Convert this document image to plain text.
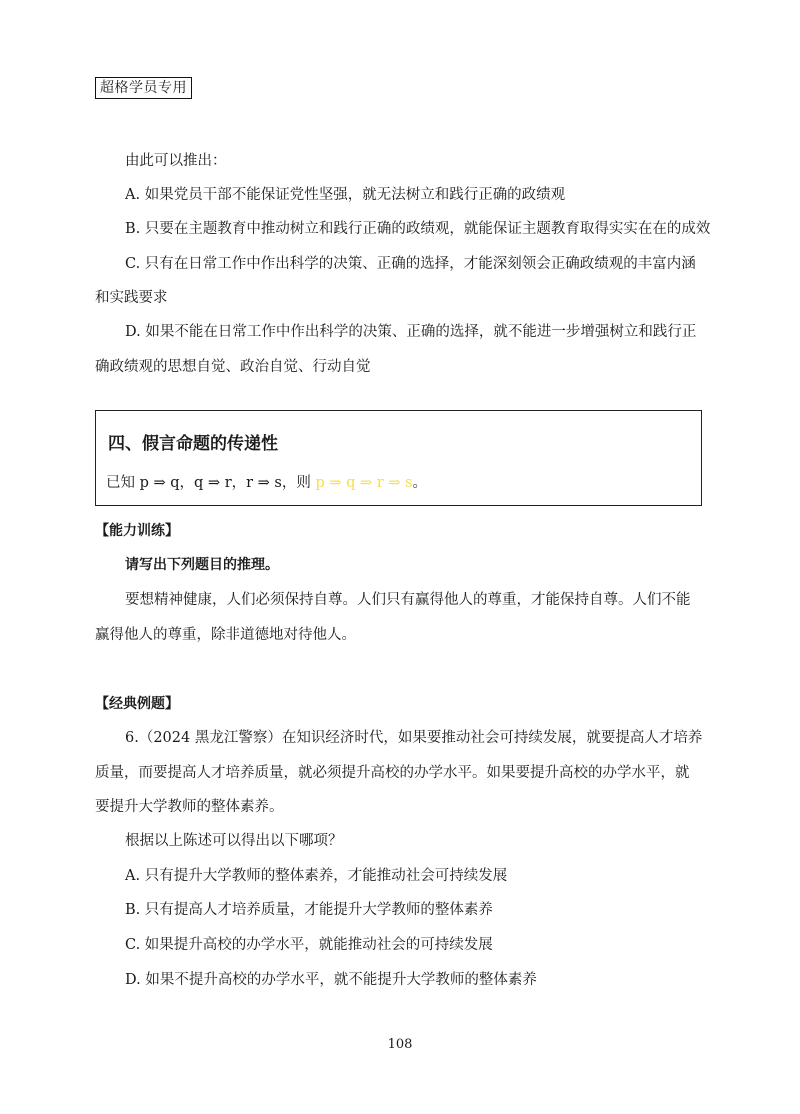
超格学员专用
由此可以推出：
A. 如果党员干部不能保证党性坚强，就无法树立和践行正确的政绩观
B. 只要在主题教育中推动树立和践行正确的政绩观，就能保证主题教育取得实实在在的成效
C. 只有在日常工作中作出科学的决策、正确的选择，才能深刻领会正确政绩观的丰富内涵
和实践要求
D. 如果不能在日常工作中作出科学的决策、正确的选择，就不能进一步增强树立和践行正
确政绩观的思想自觉、政治自觉、行动自觉
四、假言命题的传递性
已知 p ⇒ q，q ⇒ r，r ⇒ s，则 p ⇒ q ⇒ r ⇒ s。
【能力训练】
请写出下列题目的推理。
要想精神健康，人们必须保持自尊。人们只有赢得他人的尊重，才能保持自尊。人们不能
赢得他人的尊重，除非道德地对待他人。
【经典例题】
6.（2024 黑龙江警察）在知识经济时代，如果要推动社会可持续发展，就要提高人才培养
质量，而要提高人才培养质量，就必须提升高校的办学水平。如果要提升高校的办学水平，就
要提升大学教师的整体素养。
根据以上陈述可以得出以下哪项？
A. 只有提升大学教师的整体素养，才能推动社会可持续发展
B. 只有提高人才培养质量，才能提升大学教师的整体素养
C. 如果提升高校的办学水平，就能推动社会的可持续发展
D. 如果不提升高校的办学水平，就不能提升大学教师的整体素养
108
